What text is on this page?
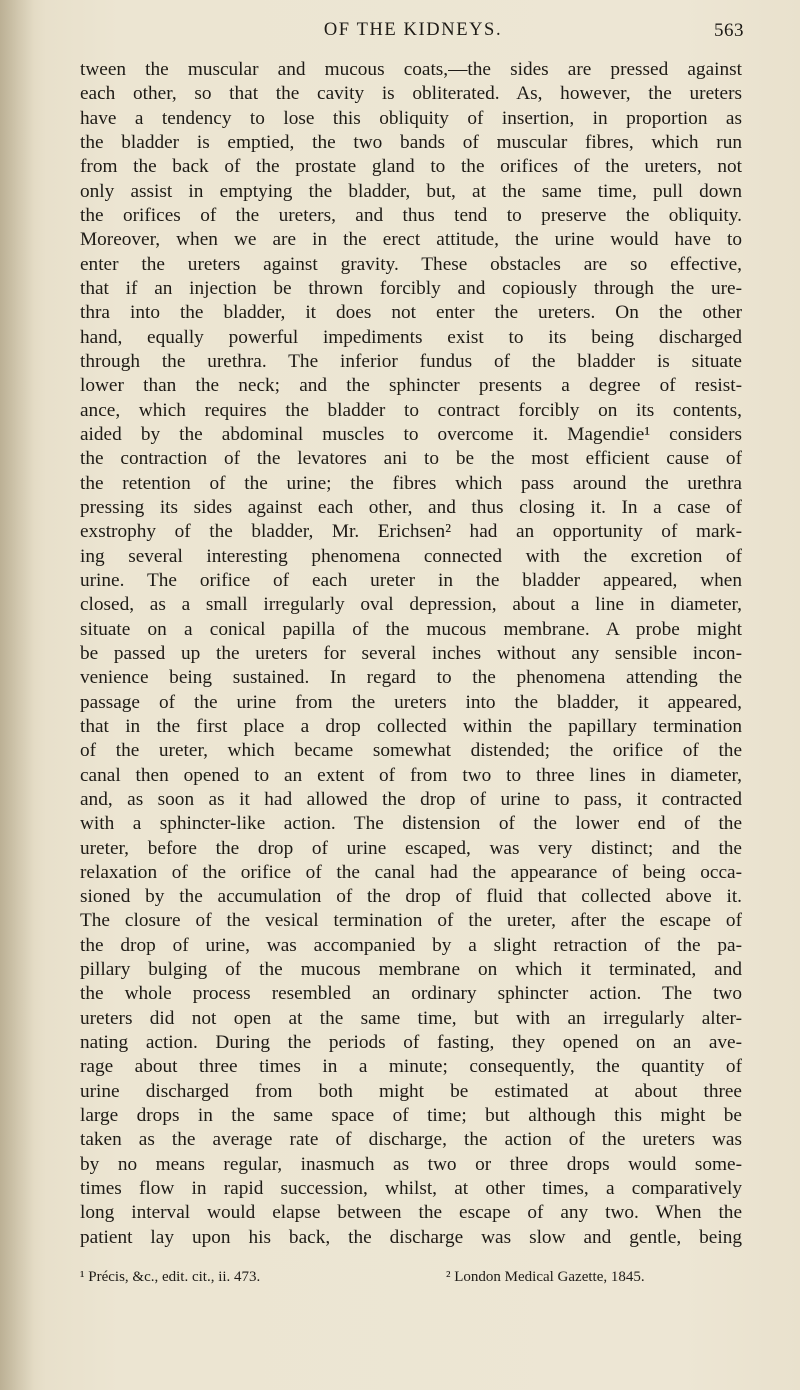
OF THE KIDNEYS.	563
tween the muscular and mucous coats,—the sides are pressed against
each other, so that the cavity is obliterated. As, however, the ureters
have a tendency to lose this obliquity of insertion, in proportion as
the bladder is emptied, the two bands of muscular fibres, which run
from the back of the prostate gland to the orifices of the ureters, not
only assist in emptying the bladder, but, at the same time, pull down
the orifices of the ureters, and thus tend to preserve the obliquity.
Moreover, when we are in the erect attitude, the urine would have to
enter the ureters against gravity. These obstacles are so effective,
that if an injection be thrown forcibly and copiously through the ure-
thra into the bladder, it does not enter the ureters. On the other
hand, equally powerful impediments exist to its being discharged
through the urethra. The inferior fundus of the bladder is situate
lower than the neck; and the sphincter presents a degree of resist-
ance, which requires the bladder to contract forcibly on its contents,
aided by the abdominal muscles to overcome it. Magendie¹ considers
the contraction of the levatores ani to be the most efficient cause of
the retention of the urine; the fibres which pass around the urethra
pressing its sides against each other, and thus closing it. In a case of
exstrophy of the bladder, Mr. Erichsen² had an opportunity of mark-
ing several interesting phenomena connected with the excretion of
urine. The orifice of each ureter in the bladder appeared, when
closed, as a small irregularly oval depression, about a line in diameter,
situate on a conical papilla of the mucous membrane. A probe might
be passed up the ureters for several inches without any sensible incon-
venience being sustained. In regard to the phenomena attending the
passage of the urine from the ureters into the bladder, it appeared,
that in the first place a drop collected within the papillary termination
of the ureter, which became somewhat distended; the orifice of the
canal then opened to an extent of from two to three lines in diameter,
and, as soon as it had allowed the drop of urine to pass, it contracted
with a sphincter-like action. The distension of the lower end of the
ureter, before the drop of urine escaped, was very distinct; and the
relaxation of the orifice of the canal had the appearance of being occa-
sioned by the accumulation of the drop of fluid that collected above it.
The closure of the vesical termination of the ureter, after the escape of
the drop of urine, was accompanied by a slight retraction of the pa-
pillary bulging of the mucous membrane on which it terminated, and
the whole process resembled an ordinary sphincter action. The two
ureters did not open at the same time, but with an irregularly alter-
nating action. During the periods of fasting, they opened on an ave-
rage about three times in a minute; consequently, the quantity of
urine discharged from both might be estimated at about three
large drops in the same space of time; but although this might be
taken as the average rate of discharge, the action of the ureters was
by no means regular, inasmuch as two or three drops would some-
times flow in rapid succession, whilst, at other times, a comparatively
long interval would elapse between the escape of any two. When the
patient lay upon his back, the discharge was slow and gentle, being
¹ Précis, &c., edit. cit., ii. 473.	² London Medical Gazette, 1845.
